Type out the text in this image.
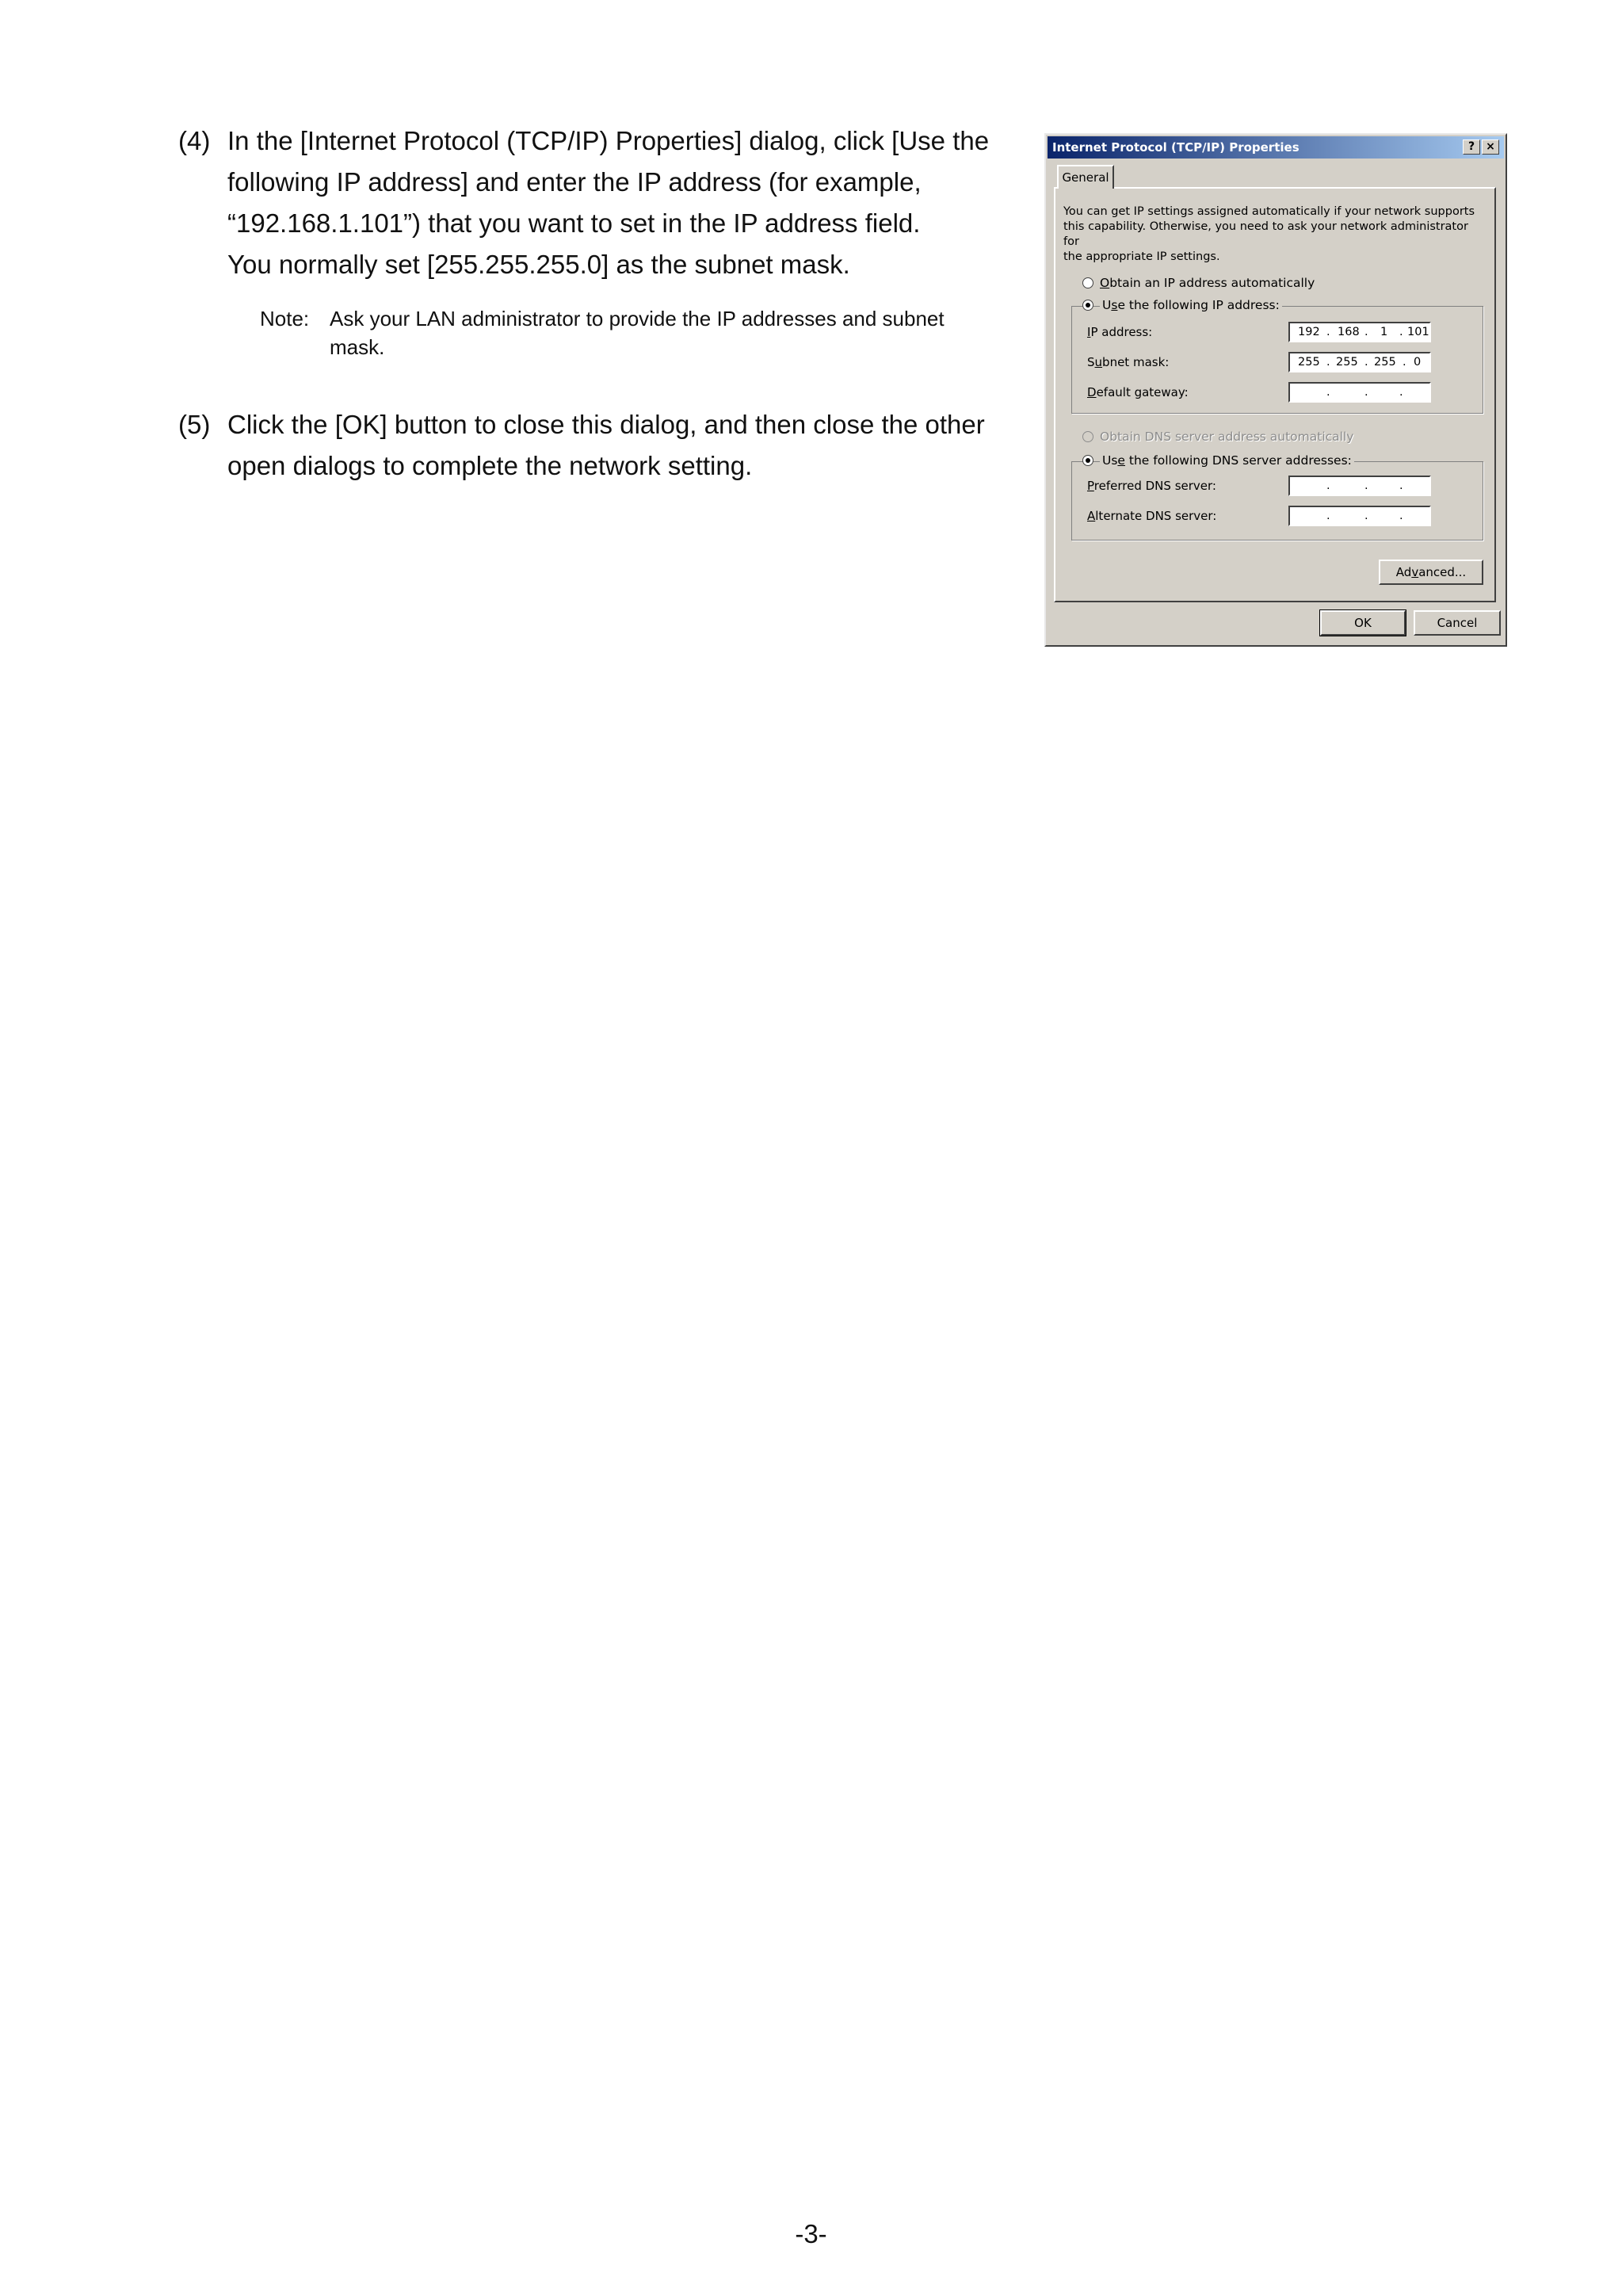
(4) In the [Internet Protocol (TCP/IP) Properties] dialog, click [Use the
following IP address] and enter the IP address (for example,
“192.168.1.101”) that you want to set in the IP address field.
You normally set [255.255.255.0] as the subnet mask.
Note: Ask your LAN administrator to provide the IP addresses and subnet
mask.
(5) Click the [OK] button to close this dialog, and then close the other
open dialogs to complete the network setting.
Internet Protocol (TCP/IP) Properties	?	×
General
You can get IP settings assigned automatically if your network supports
this capability. Otherwise, you need to ask your network administrator for
the appropriate IP settings.
Obtain an IP address automatically
Use the following IP address:
IP address:	192 . 168 . 1 . 101
Subnet mask:	255 . 255 . 255 . 0
Default gateway:	.	.	.
Obtain DNS server address automatically
Use the following DNS server addresses:
Preferred DNS server:	.	.	.
Alternate DNS server:	.	.	.
Advanced...
OK	Cancel
-3-
